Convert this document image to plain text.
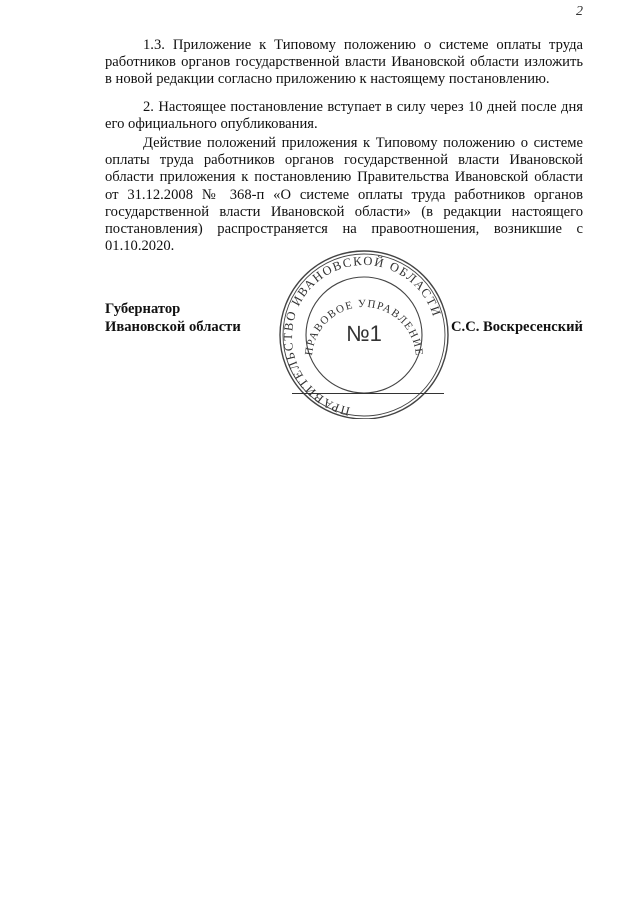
2

1.3. Приложение к Типовому положению о системе оплаты труда работников органов государственной власти Ивановской области изложить в новой редакции согласно приложению к настоящему постановлению.

2. Настоящее постановление вступает в силу через 10 дней после дня его официального опубликования.

Действие положений приложения к Типовому положению о системе оплаты труда работников органов государственной власти Ивановской области приложения к постановлению Правительства Ивановской области от 31.12.2008 № 368-п «О системе оплаты труда работников органов государственной власти Ивановской области» (в редакции настоящего постановления) распространяется на правоотношения, возникшие с 01.10.2020.

Губернатор
Ивановской области
ПРАВИТЕЛЬСТВО ИВАНОВСКОЙ ОБЛАСТИ
ПРАВОВОЕ УПРАВЛЕНИЕ
№1	С.С. Воскресенский
